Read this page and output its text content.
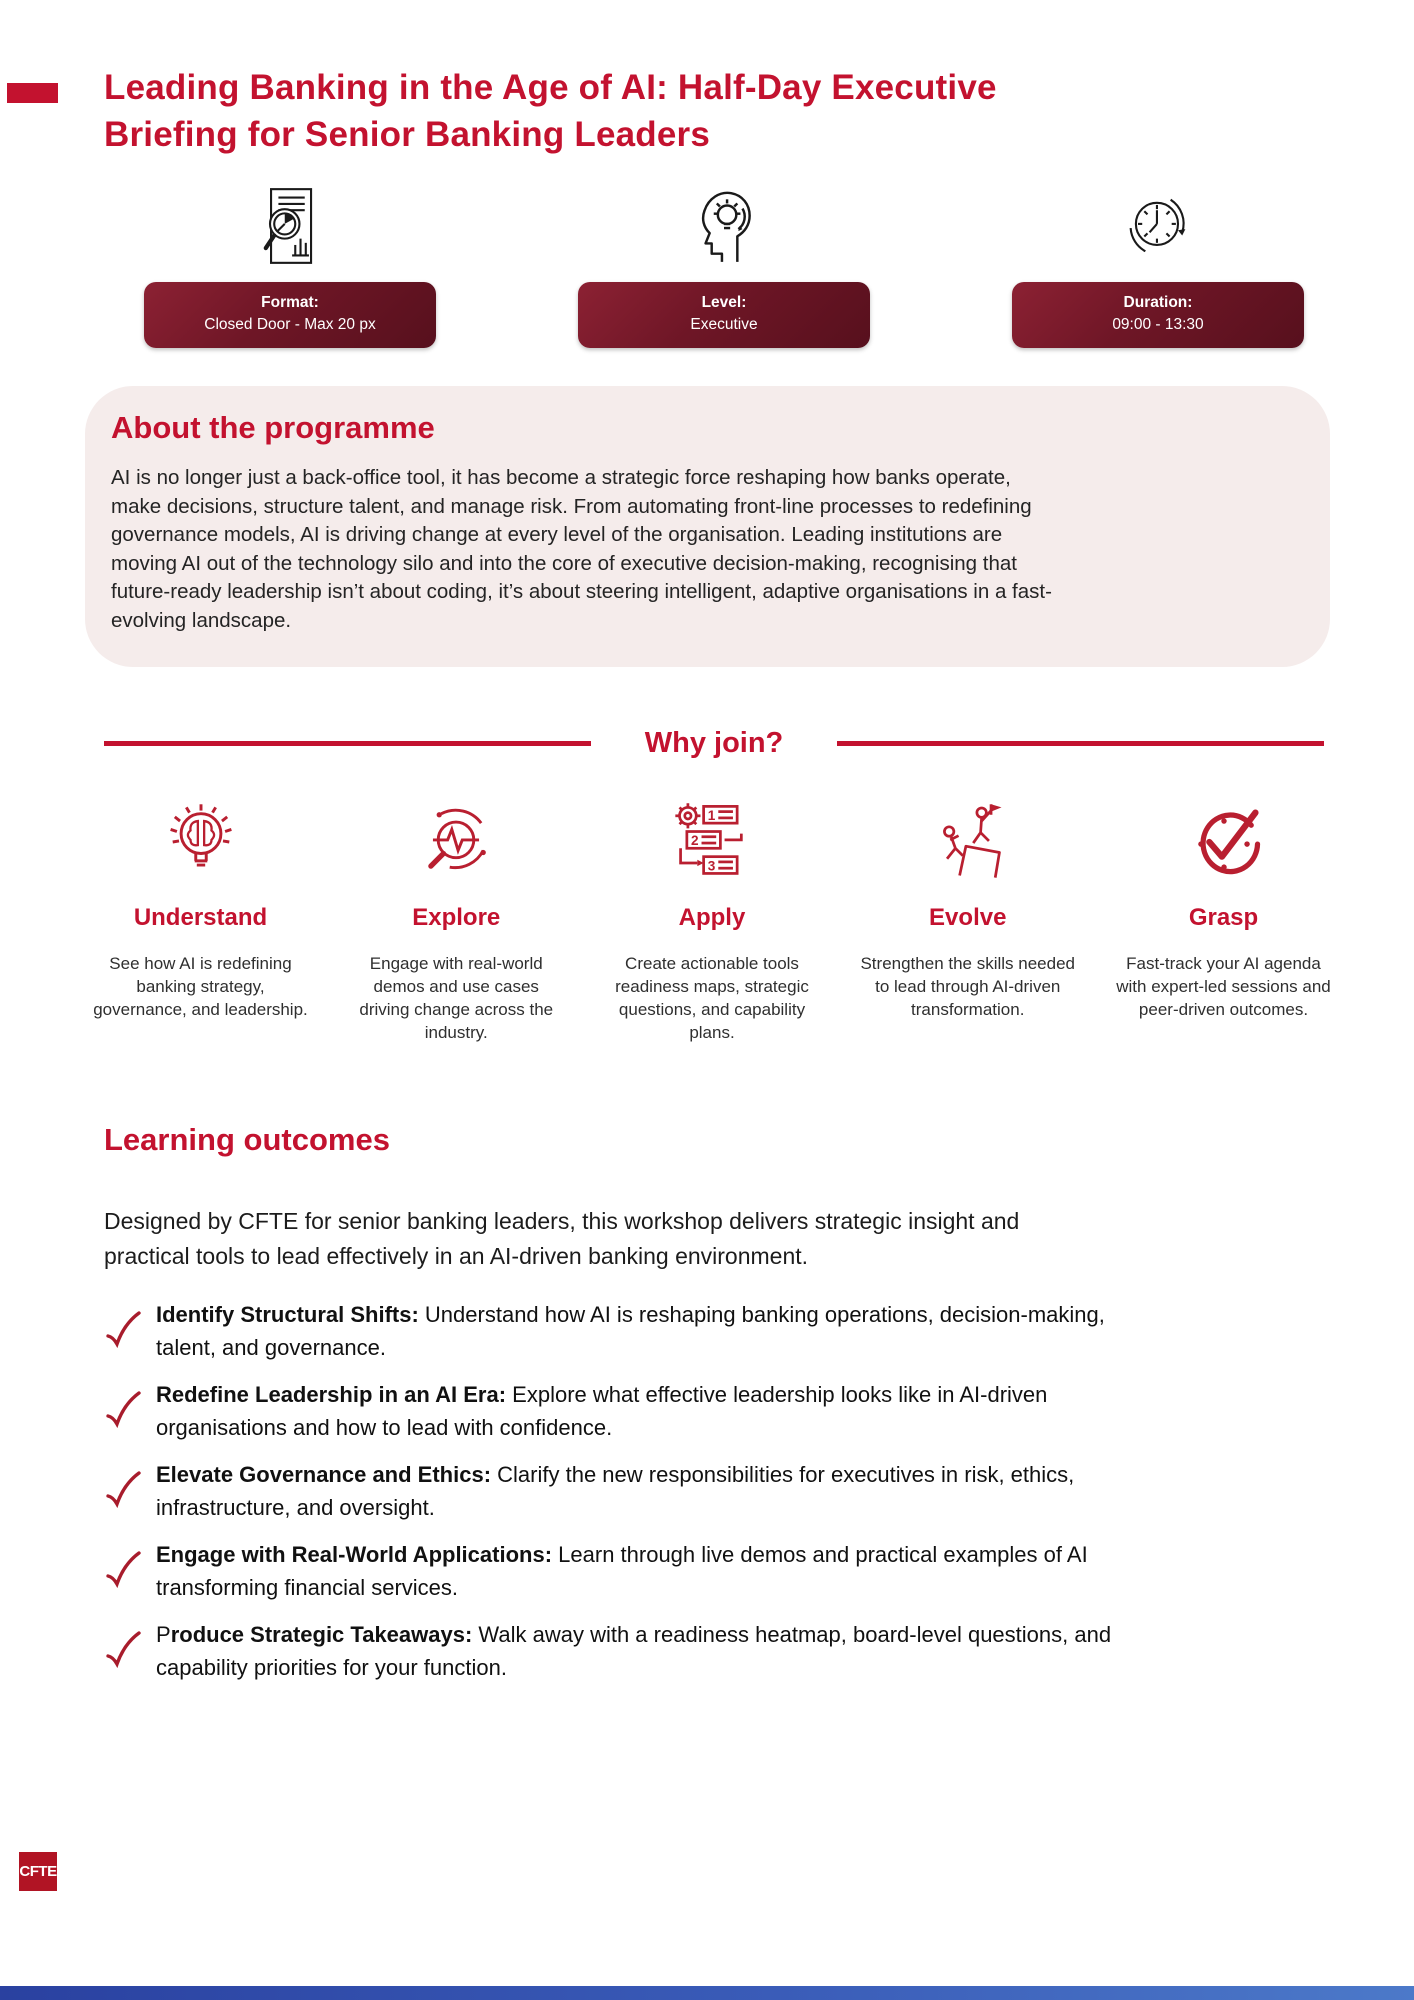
Leading Banking in the Age of AI: Half-Day Executive
Briefing for Senior Banking Leaders
Format:
Closed Door - Max 20 px
Level:
Executive
Duration:
09:00 - 13:30
About the programme

AI is no longer just a back-office tool, it has become a strategic force reshaping how banks operate, make decisions, structure talent, and manage risk. From automating front-line processes to redefining governance models, AI is driving change at every level of the organisation. Leading institutions are moving AI out of the technology silo and into the core of executive decision-making, recognising that future-ready leadership isn’t about coding, it’s about steering intelligent, adaptive organisations in a fast-evolving landscape.

Why join?
Understand
See how AI is redefining banking strategy, governance, and leadership.
Explore
Engage with real-world demos and use cases driving change across the industry.
1
2
3
Apply
Create actionable tools readiness maps, strategic questions, and capability plans.
Evolve
Strengthen the skills needed to lead through AI-driven transformation.
Grasp
Fast-track your AI agenda with expert-led sessions and peer-driven outcomes.
Learning outcomes

Designed by CFTE for senior banking leaders, this workshop delivers strategic insight and practical tools to lead effectively in an AI-driven banking environment.

Identify Structural Shifts: Understand how AI is reshaping banking operations, decision-making, talent, and governance.

Redefine Leadership in an AI Era: Explore what effective leadership looks like in AI-driven organisations and how to lead with confidence.

Elevate Governance and Ethics: Clarify the new responsibilities for executives in risk, ethics, infrastructure, and oversight.

Engage with Real-World Applications: Learn through live demos and practical examples of AI transforming financial services.

Produce Strategic Takeaways: Walk away with a readiness heatmap, board-level questions, and capability priorities for your function.

CFTE
